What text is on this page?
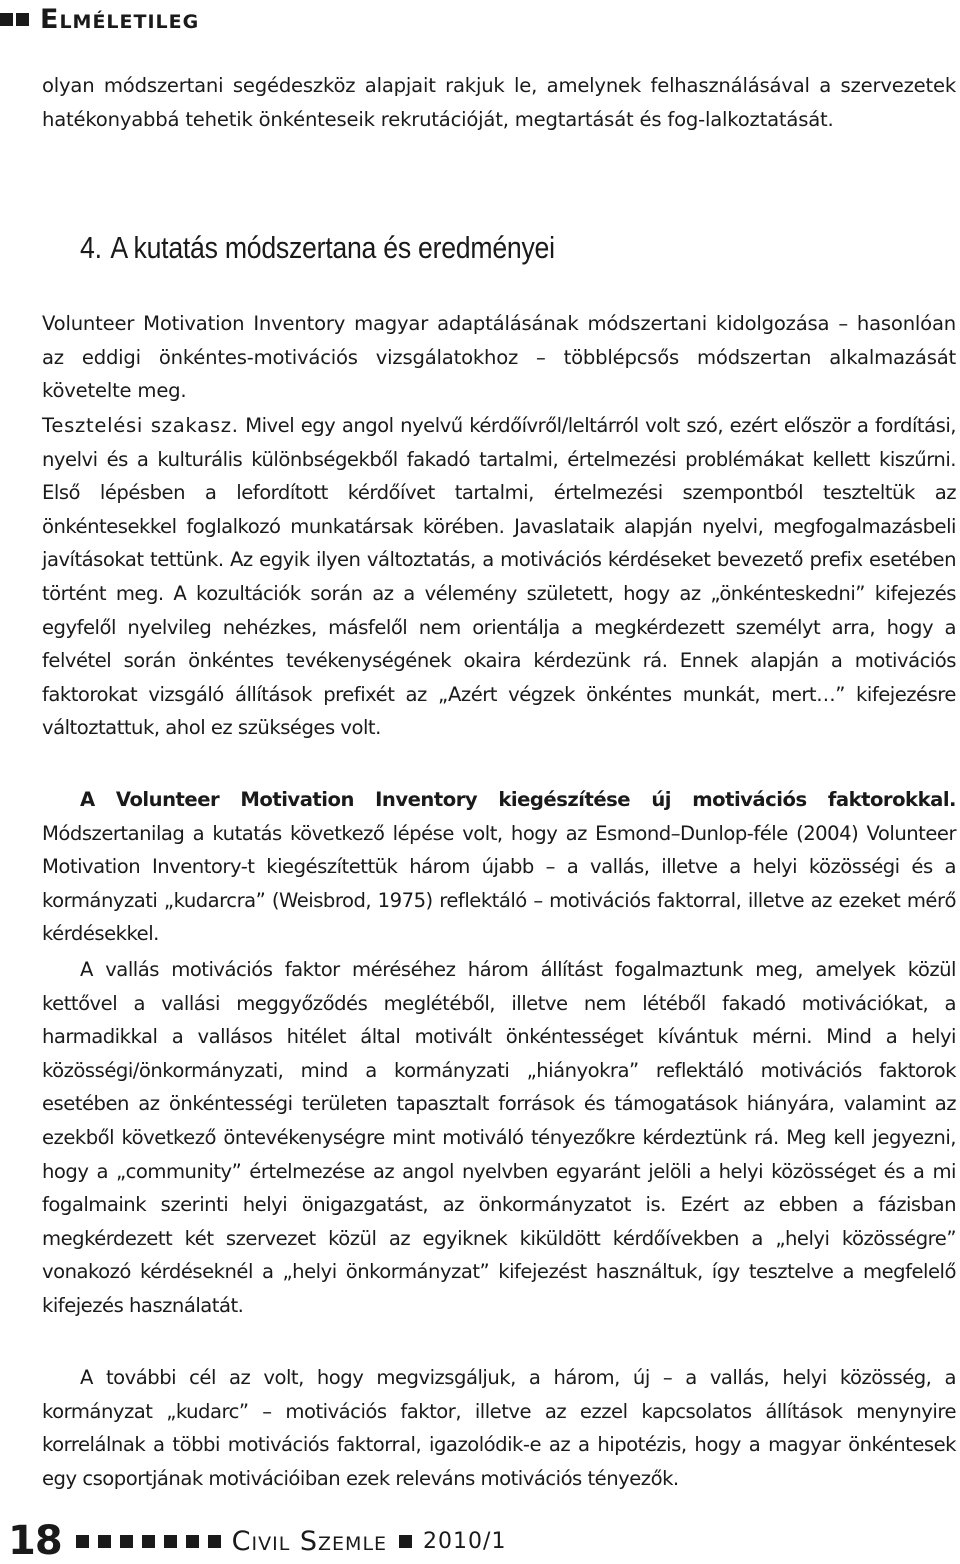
Elméletileg

olyan módszertani segédeszköz alapjait rakjuk le, amelynek felhasználásával a szervezetek hatékonyabbá tehetik önkénteseik rekrutációját, megtartását és fog-lalkoztatását.

4. A kutatás módszertana és eredményei

Volunteer Motivation Inventory magyar adaptálásának módszertani kidolgozása – hasonlóan az eddigi önkéntes-motivációs vizsgálatokhoz – többlépcsős módszertan alkalmazását követelte meg.

Tesztelési szakasz. Mivel egy angol nyelvű kérdőívről/leltárról volt szó, ezért először a fordítási, nyelvi és a kulturális különbségekből fakadó tartalmi, értelmezési problémákat kellett kiszűrni. Első lépésben a lefordított kérdőívet tartalmi, értelmezési szempontból teszteltük az önkéntesekkel foglalkozó munkatársak körében. Javaslataik alapján nyelvi, megfogalmazásbeli javításokat tettünk. Az egyik ilyen változtatás, a motivációs kérdéseket bevezető prefix esetében történt meg. A kozultációk során az a vélemény született, hogy az „önkénteskedni” kifejezés egyfelől nyelvileg nehézkes, másfelől nem orientálja a megkérdezett személyt arra, hogy a felvétel során önkéntes tevékenységének okaira kérdezünk rá. Ennek alapján a motivációs faktorokat vizsgáló állítások prefixét az „Azért végzek önkéntes munkát, mert…” kifejezésre változtattuk, ahol ez szükséges volt.

A Volunteer Motivation Inventory kiegészítése új motivációs faktorokkal. Módszertanilag a kutatás következő lépése volt, hogy az Esmond–Dunlop-féle (2004) Volunteer Motivation Inventory-t kiegészítettük három újabb – a vallás, illetve a helyi közösségi és a kormányzati „kudarcra” (Weisbrod, 1975) reflektáló – motivációs faktorral, illetve az ezeket mérő kérdésekkel.

A vallás motivációs faktor méréséhez három állítást fogalmaztunk meg, amelyek közül kettővel a vallási meggyőződés meglétéből, illetve nem létéből fakadó motivációkat, a harmadikkal a vallásos hitélet által motivált önkéntességet kívántuk mérni. Mind a helyi közösségi/önkormányzati, mind a kormányzati „hiányokra” reflektáló motivációs faktorok esetében az önkéntességi területen tapasztalt források és támogatások hiányára, valamint az ezekből következő öntevékenységre mint motiváló tényezőkre kérdeztünk rá. Meg kell jegyezni, hogy a „community” értelmezése az angol nyelvben egyaránt jelöli a helyi közösséget és a mi fogalmaink szerinti helyi önigazgatást, az önkormányzatot is. Ezért az ebben a fázisban megkérdezett két szervezet közül az egyiknek kiküldött kérdőívekben a „helyi közösségre” vonakozó kérdéseknél a „helyi önkormányzat” kifejezést használtuk, így tesztelve a megfelelő kifejezés használatát.

A további cél az volt, hogy megvizsgáljuk, a három, új – a vallás, helyi közösség, a kormányzat „kudarc” – motivációs faktor, illetve az ezzel kapcsolatos állítások menynyire korrelálnak a többi motivációs faktorral, igazolódik-e az a hipotézis, hogy a magyar önkéntesek egy csoportjának motivációiban ezek releváns motivációs tényezők.

18	Civil Szemle 2010/1
